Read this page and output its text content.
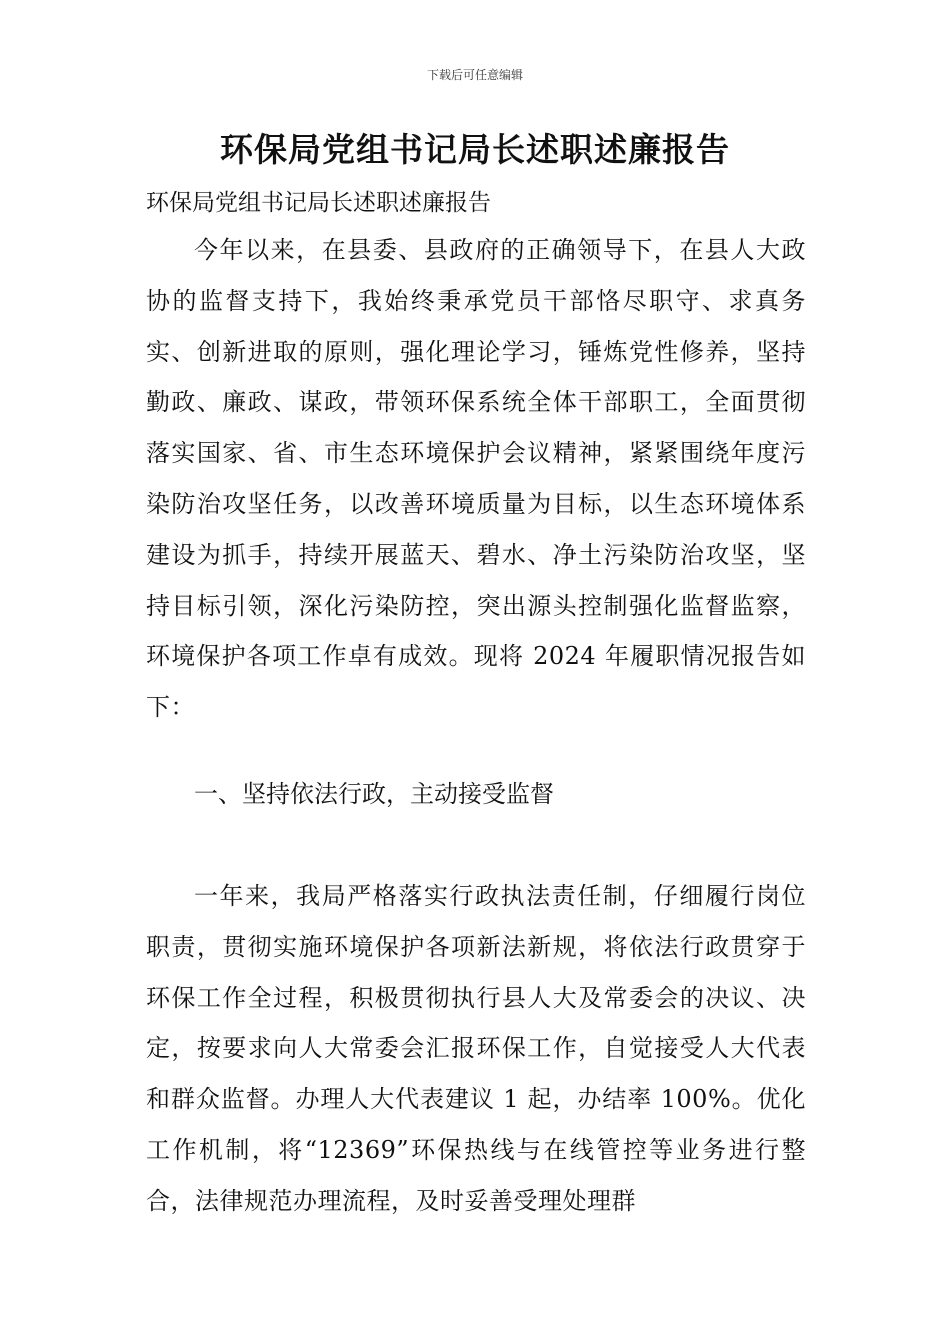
下载后可任意编辑
环保局党组书记局长述职述廉报告
环保局党组书记局长述职述廉报告

今年以来，在县委、县政府的正确领导下，在县人大政协的监督支持下，我始终秉承党员干部恪尽职守、求真务实、创新进取的原则，强化理论学习，锤炼党性修养，坚持勤政、廉政、谋政，带领环保系统全体干部职工，全面贯彻落实国家、省、市生态环境保护会议精神，紧紧围绕年度污染防治攻坚任务，以改善环境质量为目标，以生态环境体系建设为抓手，持续开展蓝天、碧水、净土污染防治攻坚，坚持目标引领，深化污染防控，突出源头控制强化监督监察，环境保护各项工作卓有成效。现将 2024 年履职情况报告如下：

一、坚持依法行政，主动接受监督

一年来，我局严格落实行政执法责任制，仔细履行岗位职责，贯彻实施环境保护各项新法新规，将依法行政贯穿于环保工作全过程，积极贯彻执行县人大及常委会的决议、决定，按要求向人大常委会汇报环保工作，自觉接受人大代表和群众监督。办理人大代表建议 1 起，办结率 100%。优化工作机制，将“12369”环保热线与在线管控等业务进行整合，法律规范办理流程，及时妥善受理处理群
